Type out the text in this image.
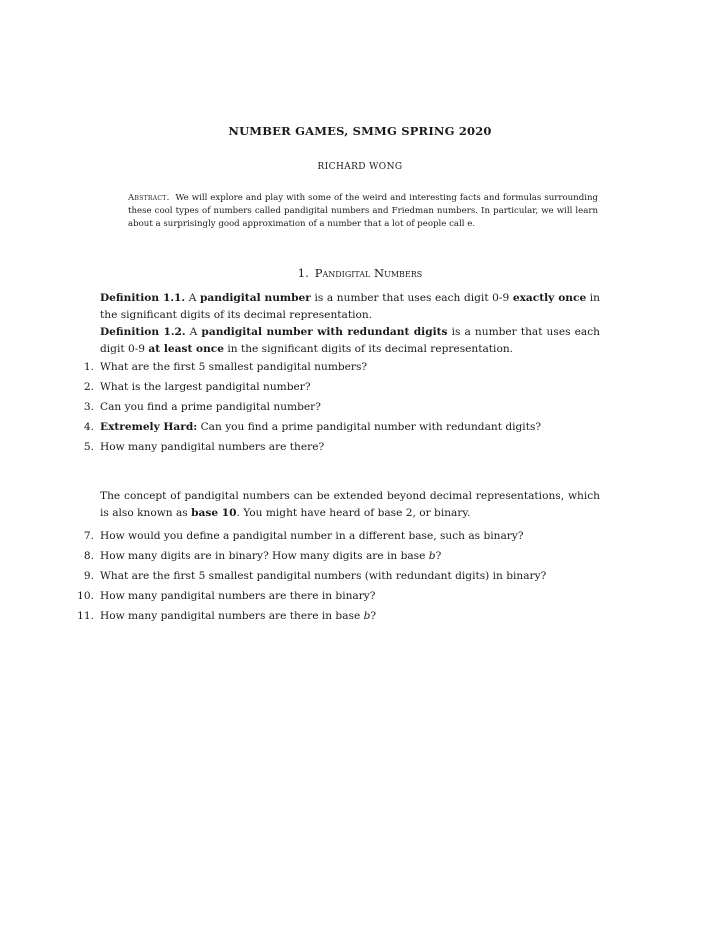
NUMBER GAMES, SMMG SPRING 2020
RICHARD WONG
Abstract. We will explore and play with some of the weird and interesting facts and formulas surrounding these cool types of numbers called pandigital numbers and Friedman numbers. In particular, we will learn about a surprisingly good approximation of a number that a lot of people call e.
1. Pandigital Numbers
Definition 1.1. A pandigital number is a number that uses each digit 0-9 exactly once in the significant digits of its decimal representation.
Definition 1.2. A pandigital number with redundant digits is a number that uses each digit 0-9 at least once in the significant digits of its decimal representation.
1. What are the first 5 smallest pandigital numbers?
2. What is the largest pandigital number?
3. Can you find a prime pandigital number?
4. Extremely Hard: Can you find a prime pandigital number with redundant digits?
5. How many pandigital numbers are there?
The concept of pandigital numbers can be extended beyond decimal representations, which is also known as base 10. You might have heard of base 2, or binary.
7. How would you define a pandigital number in a different base, such as binary?
8. How many digits are in binary? How many digits are in base b?
9. What are the first 5 smallest pandigital numbers (with redundant digits) in binary?
10. How many pandigital numbers are there in binary?
11. How many pandigital numbers are there in base b?
